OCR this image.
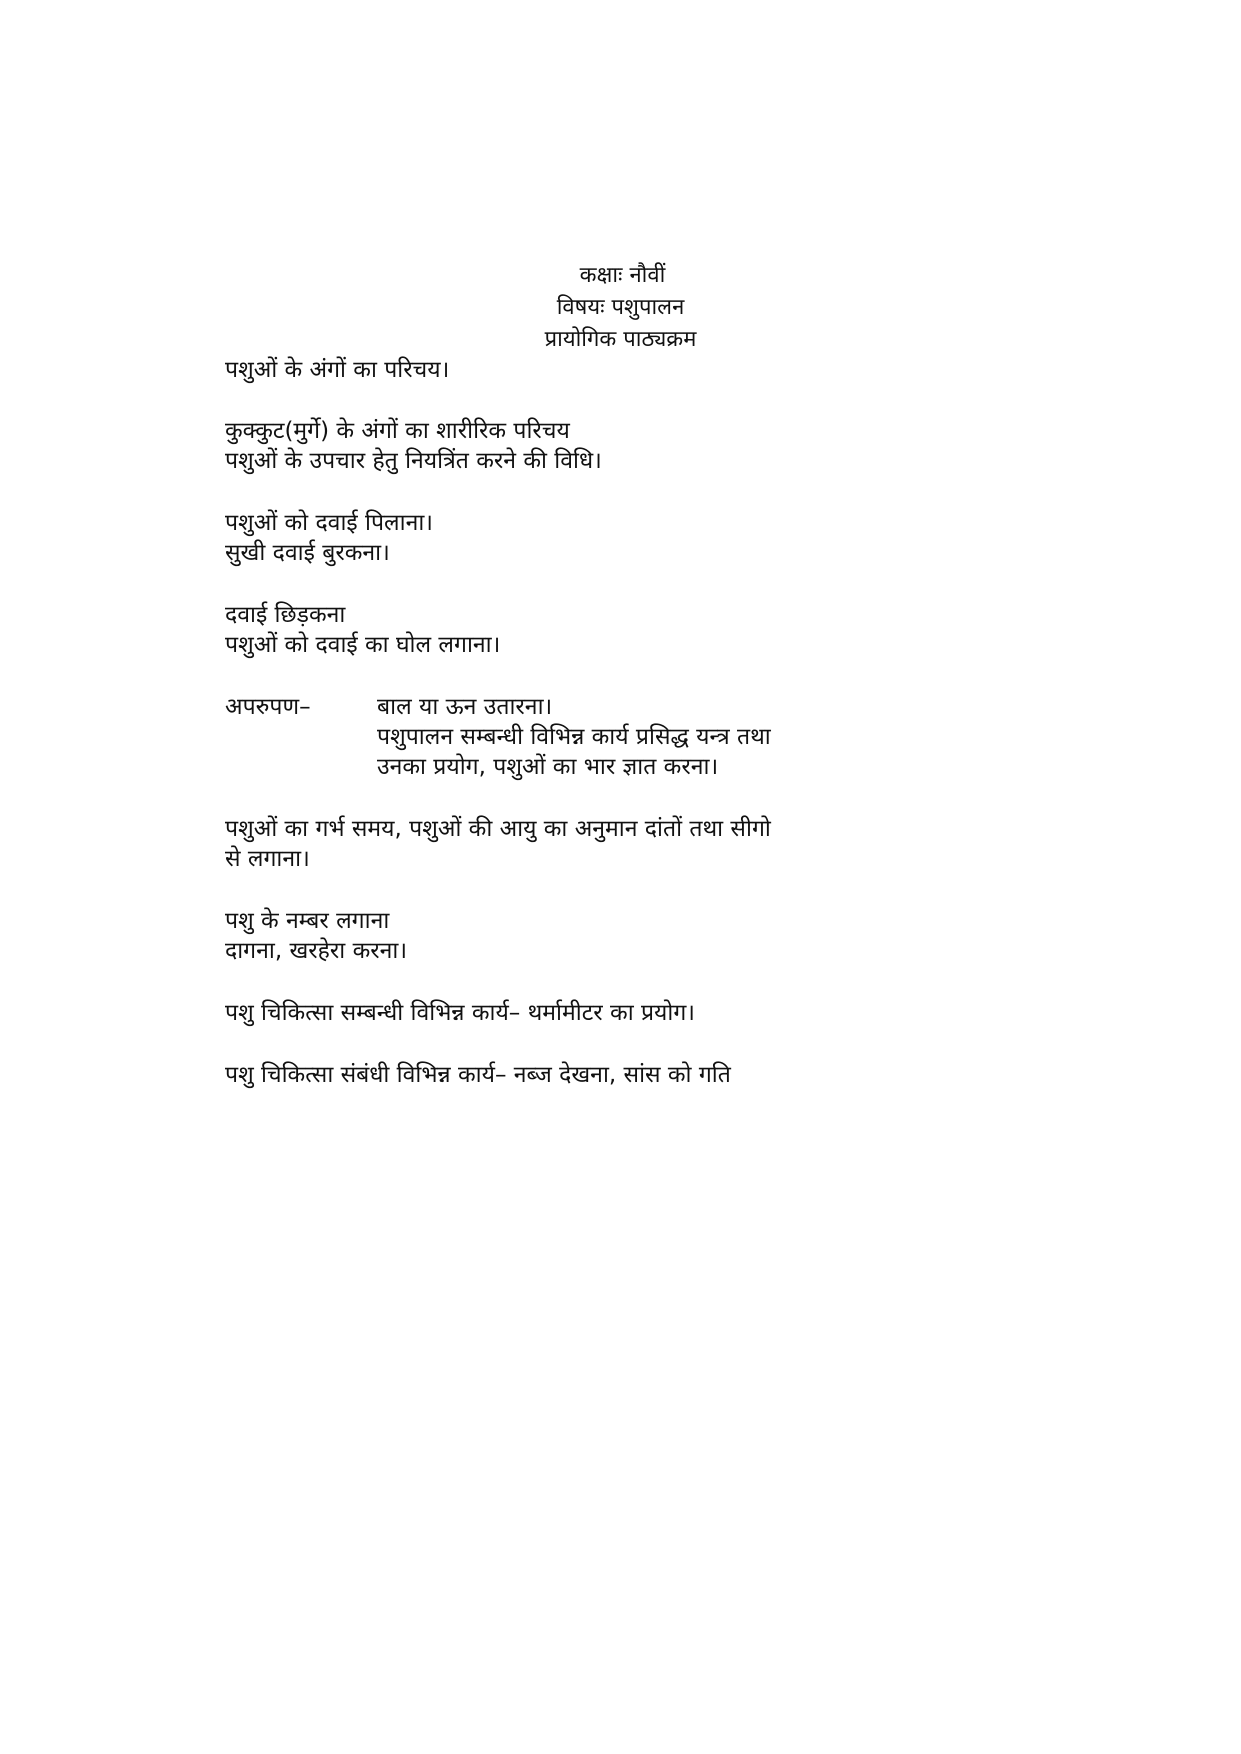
कक्षाः नौवीं
विषयः पशुपालन
प्रायोगिक पाठ्यक्रम
पशुओं के अंगों का परिचय।
कुक्कुट(मुर्गे) के अंगों का शारीरिक परिचय
पशुओं के उपचार हेतु नियत्रिंत करने की विधि।
पशुओं को दवाई पिलाना।
सुखी दवाई बुरकना।
दवाई छिड़कना
पशुओं को दवाई का घोल लगाना।
अपरुपण–	बाल या ऊन उतारना।
पशुपालन सम्बन्धी विभिन्न कार्य प्रसिद्ध यन्त्र तथा
उनका प्रयोग, पशुओं का भार ज्ञात करना।
पशुओं का गर्भ समय, पशुओं की आयु का अनुमान दांतों तथा सीगो
से लगाना।
पशु के नम्बर लगाना
दागना, खरहेरा करना।
पशु चिकित्सा सम्बन्धी विभिन्न कार्य– थर्मामीटर का प्रयोग।
पशु चिकित्सा संबंधी विभिन्न कार्य– नब्ज देखना, सांस को गति
